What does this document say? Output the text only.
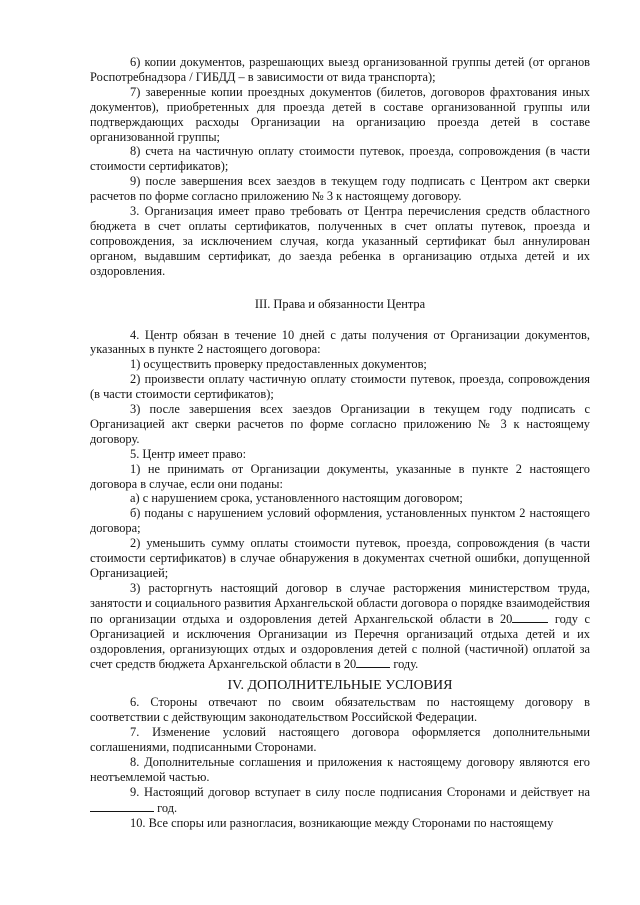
6) копии документов, разрешающих выезд организованной группы детей (от органов Роспотребнадзора / ГИБДД – в зависимости от вида транспорта);

7) заверенные копии проездных документов (билетов, договоров фрахтования иных документов), приобретенных для проезда детей в составе организованной группы или подтверждающих расходы Организации на организацию проезда детей в составе организованной группы;

8) счета на частичную оплату стоимости путевок, проезда, сопровождения (в части стоимости сертификатов);

9) после завершения всех заездов в текущем году подписать с Центром акт сверки расчетов по форме согласно приложению № 3 к настоящему договору.

3. Организация имеет право требовать от Центра перечисления средств областного бюджета в счет оплаты сертификатов, полученных в счет оплаты путевок, проезда и сопровождения, за исключением случая, когда указанный сертификат был аннулирован органом, выдавшим сертификат, до заезда ребенка в организацию отдыха детей и их оздоровления.

III. Права и обязанности Центра

4. Центр обязан в течение 10 дней с даты получения от Организации документов, указанных в пункте 2 настоящего договора:

1) осуществить проверку предоставленных документов;

2) произвести оплату частичную оплату стоимости путевок, проезда, сопровождения (в части стоимости сертификатов);

3) после завершения всех заездов Организации в текущем году подписать с Организацией акт сверки расчетов по форме согласно приложению № 3 к настоящему договору.

5. Центр имеет право:

1) не принимать от Организации документы, указанные в пункте 2 настоящего договора в случае, если они поданы:

а) с нарушением срока, установленного настоящим договором;

б) поданы с нарушением условий оформления, установленных пунктом 2 настоящего договора;

2) уменьшить сумму оплаты стоимости путевок, проезда, сопровождения (в части стоимости сертификатов) в случае обнаружения в документах счетной ошибки, допущенной Организацией;

3) расторгнуть настоящий договор в случае расторжения министерством труда, занятости и социального развития Архангельской области договора о порядке взаимодействия по организации отдыха и оздоровления детей Архангельской области в 20	году с Организацией и исключения Организации из Перечня организаций отдыха детей и их оздоровления, организующих отдых и оздоровления детей с полной (частичной) оплатой за счет средств бюджета Архангельской области в 20	году.

IV. ДОПОЛНИТЕЛЬНЫЕ УСЛОВИЯ

6. Стороны отвечают по своим обязательствам по настоящему договору в соответствии с действующим законодательством Российской Федерации.

7. Изменение условий настоящего договора оформляется дополнительными соглашениями, подписанными Сторонами.

8. Дополнительные соглашения и приложения к настоящему договору являются его неотъемлемой частью.

9. Настоящий договор вступает в силу после подписания Сторонами и действует на  год.

10. Все споры или разногласия, возникающие между Сторонами по настоящему
